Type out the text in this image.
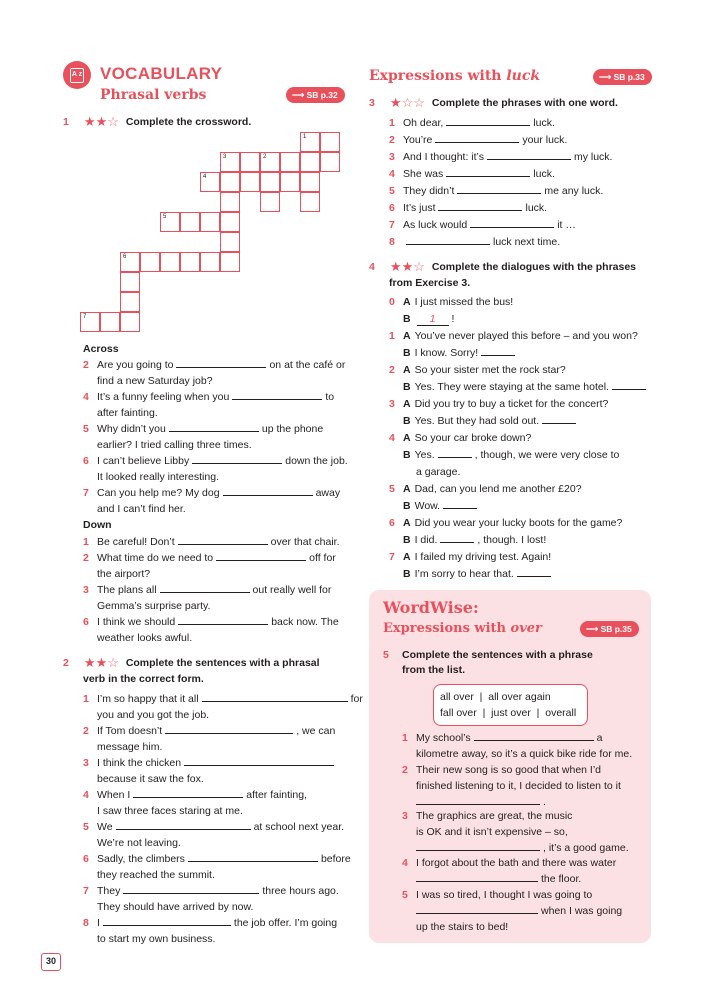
A z VOCABULARY
Phrasal verbs	⟶ SB p.32
1 ★★☆ Complete the crossword.
1
3	2
4
5
6
7
Across
2 Are you going to	on at the café or
find a new Saturday job?
4 It’s a funny feeling when you	to
after fainting.
5 Why didn’t you	up the phone
earlier? I tried calling three times.
6 I can’t believe Libby	down the job.
It looked really interesting.
7 Can you help me? My dog	away
and I can’t find her.
Down
1 Be careful! Don’t	over that chair.
2 What time do we need to	off for
the airport?
3 The plans all	out really well for
Gemma’s surprise party.
6 I think we should	back now. The
weather looks awful.
2 ★★☆ Complete the sentences with a phrasal
verb in the correct form.
1 I’m so happy that it all	for
you and you got the job.
2 If Tom doesn’t	, we can
message him.
3 I think the chicken
because it saw the fox.
4 When I	after fainting,
I saw three faces staring at me.
5 We	at school next year.
We’re not leaving.
6 Sadly, the climbers	before
they reached the summit.
7 They	three hours ago.
They should have arrived by now.
8 I	the job offer. I’m going
to start my own business.
30
Expressions with luck	⟶ SB p.33
3 ★☆☆ Complete the phrases with one word.
1 Oh dear,	luck.
2 You’re	your luck.
3 And I thought: it’s	my luck.
4 She was	luck.
5 They didn’t	me any luck.
6 It’s just	luck.
7 As luck would	it …
8	luck next time.
4 ★★☆ Complete the dialogues with the phrases
from Exercise 3.
0 A I just missed the bus!
B 1 !
1 A You’ve never played this before – and you won?
B I know. Sorry!
2 A So your sister met the rock star?
B Yes. They were staying at the same hotel.
3 A Did you try to buy a ticket for the concert?
B Yes. But they had sold out.
4 A So your car broke down?
B Yes.	, though, we were very close to
a garage.
5 A Dad, can you lend me another £20?
B Wow.
6 A Did you wear your lucky boots for the game?
B I did.	, though. I lost!
7 A I failed my driving test. Again!
B I’m sorry to hear that.
WordWise:
Expressions with over	⟶ SB p.35
5 Complete the sentences with a phrase
from the list.
all over  |  all over again
fall over  |  just over  |  overall
1 My school’s	a
kilometre away, so it’s a quick bike ride for me.
2 Their new song is so good that when I’d
finished listening to it, I decided to listen to it
.
3 The graphics are great, the music
is OK and it isn’t expensive – so,
, it’s a good game.
4 I forgot about the bath and there was water
the floor.
5 I was so tired, I thought I was going to
when I was going
up the stairs to bed!
